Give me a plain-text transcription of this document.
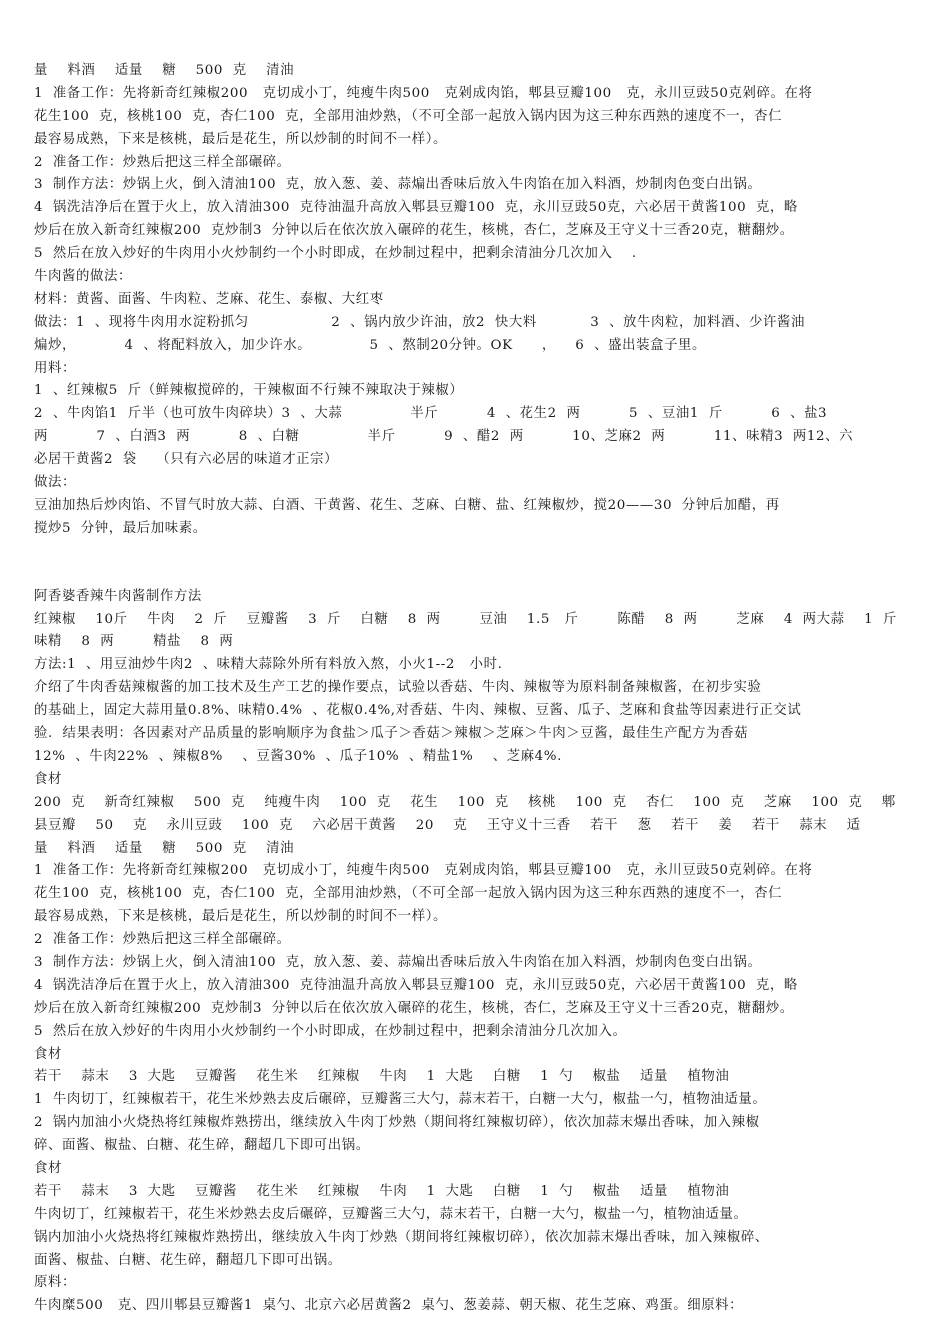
量    料酒    适量    糖    500  克    清油
1  准备工作：先将新奇红辣椒200   克切成小丁，纯瘦牛肉500   克剁成肉馅，郫县豆瓣100   克，永川豆豉50克剁碎。在将
花生100  克，核桃100  克，杏仁100  克，全部用油炒熟，（不可全部一起放入锅内因为这三种东西熟的速度不一，杏仁
最容易成熟，下来是核桃，最后是花生，所以炒制的时间不一样）。
2  准备工作：炒熟后把这三样全部碾碎。
3  制作方法：炒锅上火，倒入清油100  克，放入葱、姜、蒜煸出香味后放入牛肉馅在加入料酒，炒制肉色变白出锅。
4  锅洗洁净后在置于火上，放入清油300  克待油温升高放入郫县豆瓣100  克，永川豆豉50克，六必居干黄酱100  克，略
炒后在放入新奇红辣椒200  克炒制3  分钟以后在依次放入碾碎的花生，核桃，杏仁，芝麻及王守义十三香20克，糖翻炒。
5  然后在放入炒好的牛肉用小火炒制约一个小时即成，在炒制过程中，把剩余清油分几次加入    .
牛肉酱的做法：
材料：黄酱、面酱、牛肉粒、芝麻、花生、泰椒、大红枣
做法：1  、现将牛肉用水淀粉抓匀                 2  、锅内放少许油，放2  快大料           3  、放牛肉粒，加料酒、少许酱油
煸炒，          4  、将配料放入，加少许水。            5  、熬制20分钟。OK      ，    6  、盛出装盒子里。
用料：
1  、红辣椒5  斤（鲜辣椒搅碎的，干辣椒面不行辣不辣取决于辣椒）
2  、牛肉馅1  斤半（也可放牛肉碎块）3  、大蒜              半斤          4  、花生2  两          5  、豆油1  斤          6  、盐3
两          7  、白酒3  两          8  、白糖              半斤          9  、醋2  两          10、芝麻2  两          11、味精3  两12、六
必居干黄酱2  袋    （只有六必居的味道才正宗）
做法：
豆油加热后炒肉馅、不冒气时放大蒜、白酒、干黄酱、花生、芝麻、白糖、盐、红辣椒炒，搅20——30  分钟后加醋，再
搅炒5  分钟，最后加味素。
阿香婆香辣牛肉酱制作方法
红辣椒    10斤    牛肉    2  斤    豆瓣酱    3  斤    白糖    8  两        豆油    1.5   斤        陈醋    8  两        芝麻    4  两大蒜    1  斤
味精    8  两        精盐    8  两
方法:1  、用豆油炒牛肉2  、味精大蒜除外所有料放入熬，小火1--2   小时.
介绍了牛肉香菇辣椒酱的加工技术及生产工艺的操作要点，试验以香菇、牛肉、辣椒等为原料制备辣椒酱，在初步实验
的基础上，固定大蒜用量0.8%、味精0.4%  、花椒0.4%,对香菇、牛肉、辣椒、豆酱、瓜子、芝麻和食盐等因素进行正交试
验.  结果表明：各因素对产品质量的影响顺序为食盐＞瓜子＞香菇＞辣椒＞芝麻＞牛肉＞豆酱，最佳生产配方为香菇
12%  、牛肉22%  、辣椒8%    、豆酱30%  、瓜子10%  、精盐1%    、芝麻4%.
食材
200  克    新奇红辣椒    500  克    纯瘦牛肉    100  克    花生    100  克    核桃    100  克    杏仁    100  克    芝麻    100  克    郫
县豆瓣    50    克    永川豆豉    100  克    六必居干黄酱    20    克    王守义十三香    若干    葱    若干    姜    若干    蒜末    适
量    料酒    适量    糖    500  克    清油
1  准备工作：先将新奇红辣椒200   克切成小丁，纯瘦牛肉500   克剁成肉馅，郫县豆瓣100   克，永川豆豉50克剁碎。在将
花生100  克，核桃100  克，杏仁100  克，全部用油炒熟，（不可全部一起放入锅内因为这三种东西熟的速度不一，杏仁
最容易成熟，下来是核桃，最后是花生，所以炒制的时间不一样）。
2  准备工作：炒熟后把这三样全部碾碎。
3  制作方法：炒锅上火，倒入清油100  克，放入葱、姜、蒜煸出香味后放入牛肉馅在加入料酒，炒制肉色变白出锅。
4  锅洗洁净后在置于火上，放入清油300  克待油温升高放入郫县豆瓣100  克，永川豆豉50克，六必居干黄酱100  克，略
炒后在放入新奇红辣椒200  克炒制3  分钟以后在依次放入碾碎的花生，核桃，杏仁，芝麻及王守义十三香20克，糖翻炒。
5  然后在放入炒好的牛肉用小火炒制约一个小时即成，在炒制过程中，把剩余清油分几次加入。
食材
若干    蒜末    3  大匙    豆瓣酱    花生米    红辣椒    牛肉    1  大匙    白糖    1  勺    椒盐    适量    植物油
1  牛肉切丁，红辣椒若干，花生米炒熟去皮后碾碎，豆瓣酱三大勺，蒜末若干，白糖一大勺，椒盐一勺，植物油适量。
2  锅内加油小火烧热将红辣椒炸熟捞出，继续放入牛肉丁炒熟（期间将红辣椒切碎），依次加蒜末爆出香味，加入辣椒
碎、面酱、椒盐、白糖、花生碎，翻超几下即可出锅。
食材
若干    蒜末    3  大匙    豆瓣酱    花生米    红辣椒    牛肉    1  大匙    白糖    1  勺    椒盐    适量    植物油
牛肉切丁，红辣椒若干，花生米炒熟去皮后碾碎，豆瓣酱三大勺，蒜末若干，白糖一大勺，椒盐一勺，植物油适量。
锅内加油小火烧热将红辣椒炸熟捞出，继续放入牛肉丁炒熟（期间将红辣椒切碎），依次加蒜末爆出香味，加入辣椒碎、
面酱、椒盐、白糖、花生碎，翻超几下即可出锅。
原料：
牛肉糜500   克、四川郫县豆瓣酱1  桌勺、北京六必居黄酱2  桌勺、葱姜蒜、朝天椒、花生芝麻、鸡蛋。细原料：
